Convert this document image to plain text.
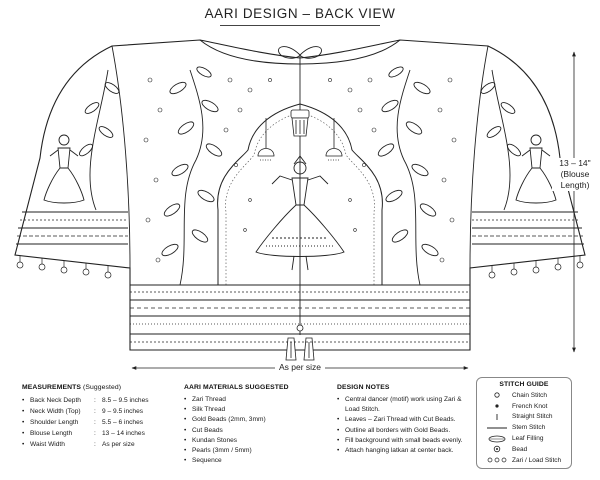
AARI DESIGN – BACK VIEW
13 – 14"
(Blouse
Length)
As per size
MEASUREMENTS (Suggested)
• Back Neck Depth	: 8.5 – 9.5 inches
• Neck Width (Top)	: 9 – 9.5 inches
• Shoulder Length	: 5.5 – 6 inches
• Blouse Length	: 13 – 14 inches
• Waist Width	: As per size
AARI MATERIALS SUGGESTED
• Zari Thread
• Silk Thread
• Gold Beads (2mm, 3mm)
• Cut Beads
• Kundan Stones
• Pearls (3mm / 5mm)
• Sequence
DESIGN NOTES
• Central dancer (motif) work using Zari & Load Stitch.
• Leaves – Zari Thread with Cut Beads.
• Outline all borders with Gold Beads.
• Fill background with small beads evenly.
• Attach hanging latkan at center back.
STITCH GUIDE
Chain Stitch
French Knot
Straight Stitch
Stem Stitch
Leaf Filling
Bead
Zari / Load Stitch
